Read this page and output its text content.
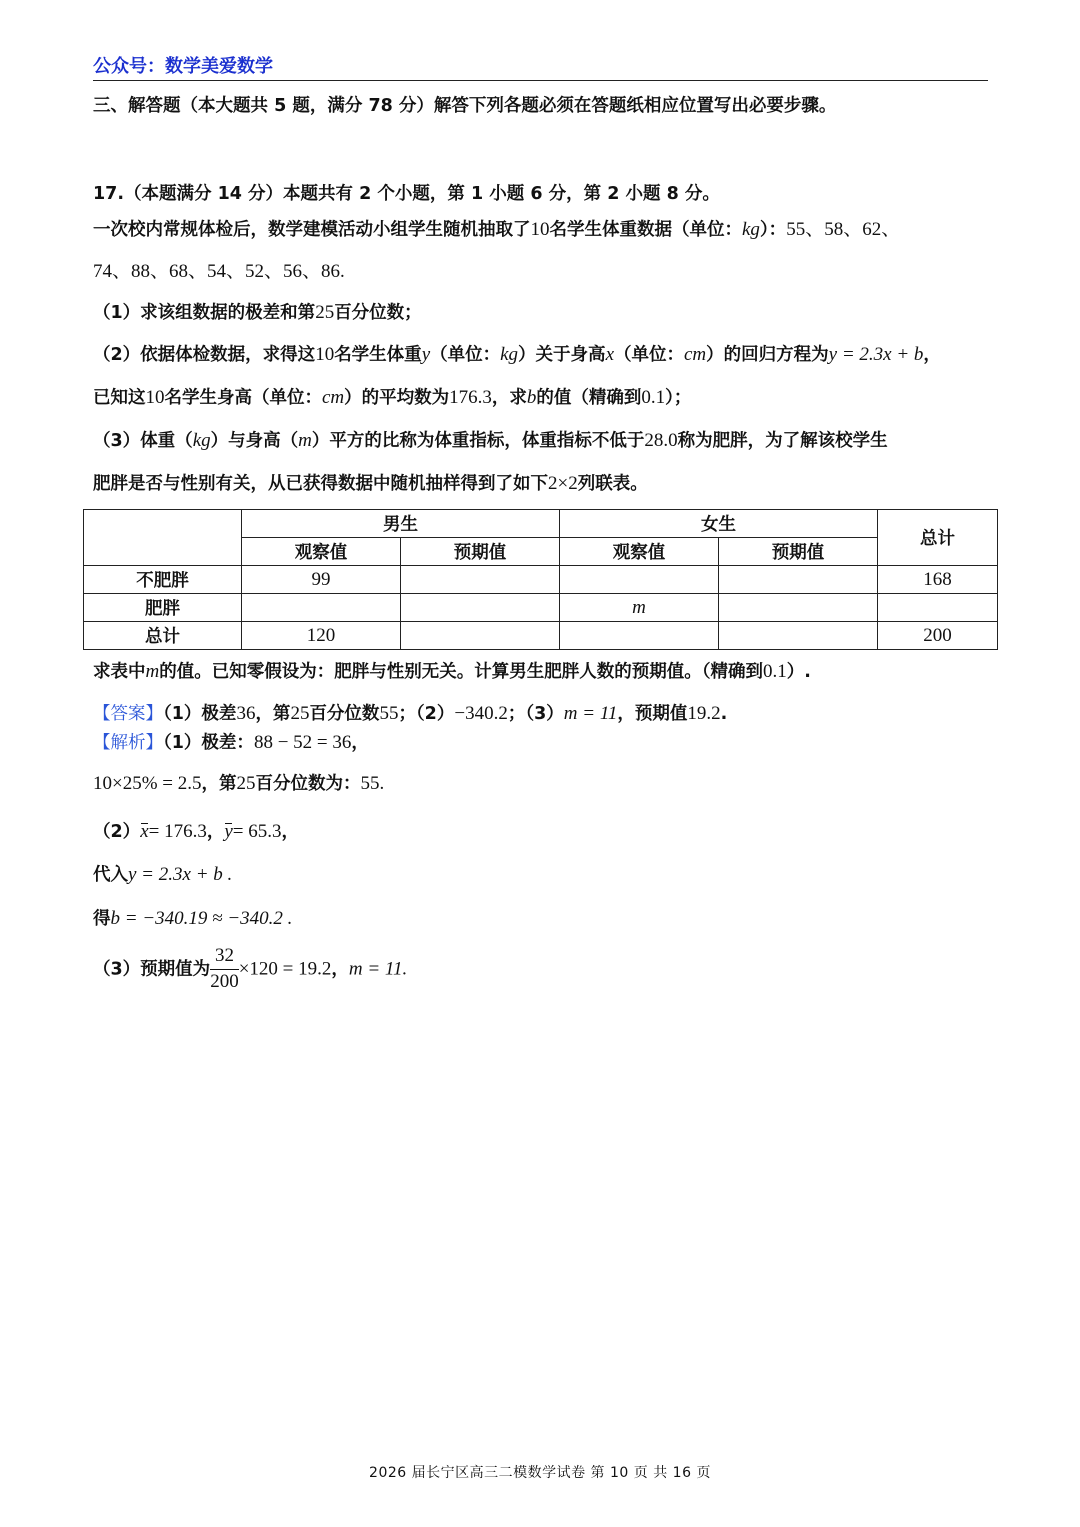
公众号：数学美爱数学
三、解答题（本大题共 5 题，满分 78 分）解答下列各题必须在答题纸相应位置写出必要步骤。
17.（本题满分 14 分）本题共有 2 个小题，第 1 小题 6 分，第 2 小题 8 分。
一次校内常规体检后，数学建模活动小组学生随机抽取了10名学生体重数据（单位：kg）：55、58、62、
74、88、68、54、52、56、86.
（1）求该组数据的极差和第25百分位数；
（2）依据体检数据，求得这10名学生体重y（单位：kg）关于身高x（单位：cm）的回归方程为y = 2.3x + b，
已知这10名学生身高（单位：cm）的平均数为176.3，求b的值（精确到0.1）；
（3）体重（kg）与身高（m）平方的比称为体重指标，体重指标不低于28.0称为肥胖，为了解该校学生
肥胖是否与性别有关，从已获得数据中随机抽样得到了如下2×2列联表。
	男生		女生		总计
	观察值	预期值	观察值	预期值	
不肥胖	99				168
肥胖			m		
总计	120				200
求表中m的值。已知零假设为：肥胖与性别无关。计算男生肥胖人数的预期值。（精确到0.1）.
【答案】（1）极差36，第25百分位数55；（2）−340.2；（3）m = 11，预期值19.2.
【解析】（1）极差：88 − 52 = 36，
10×25% = 2.5，第25百分位数为：55.
（2）x= 176.3，y= 65.3，
代入y = 2.3x + b .
得b = −340.19 ≈ −340.2 .
（3）预期值为 $\frac{32}{200} \times 120 = 19.2$，m = 11.
2026 届长宁区高三二模数学试卷 第 10 页 共 16 页
